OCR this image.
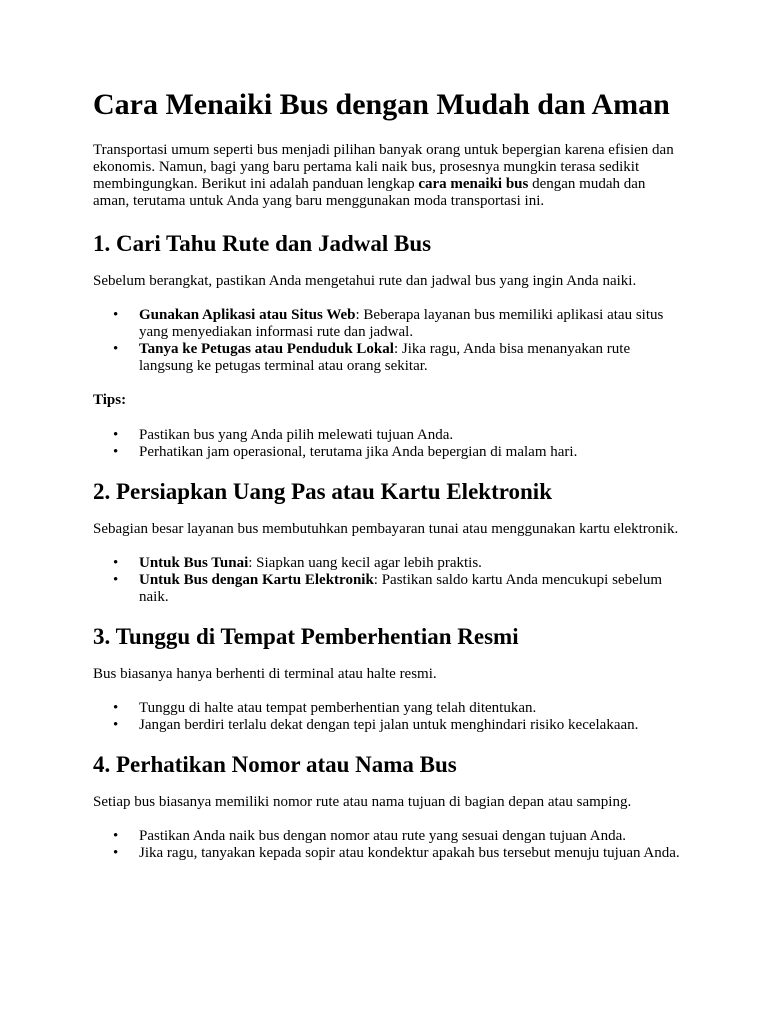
Cara Menaiki Bus dengan Mudah dan Aman

Transportasi umum seperti bus menjadi pilihan banyak orang untuk bepergian karena efisien dan ekonomis. Namun, bagi yang baru pertama kali naik bus, prosesnya mungkin terasa sedikit membingungkan. Berikut ini adalah panduan lengkap cara menaiki bus dengan mudah dan aman, terutama untuk Anda yang baru menggunakan moda transportasi ini.

1. Cari Tahu Rute dan Jadwal Bus

Sebelum berangkat, pastikan Anda mengetahui rute dan jadwal bus yang ingin Anda naiki.

• Gunakan Aplikasi atau Situs Web: Beberapa layanan bus memiliki aplikasi atau situs yang menyediakan informasi rute dan jadwal.
• Tanya ke Petugas atau Penduduk Lokal: Jika ragu, Anda bisa menanyakan rute langsung ke petugas terminal atau orang sekitar.

Tips:

• Pastikan bus yang Anda pilih melewati tujuan Anda.
• Perhatikan jam operasional, terutama jika Anda bepergian di malam hari.
2. Persiapkan Uang Pas atau Kartu Elektronik

Sebagian besar layanan bus membutuhkan pembayaran tunai atau menggunakan kartu elektronik.

• Untuk Bus Tunai: Siapkan uang kecil agar lebih praktis.
• Untuk Bus dengan Kartu Elektronik: Pastikan saldo kartu Anda mencukupi sebelum naik.
3. Tunggu di Tempat Pemberhentian Resmi

Bus biasanya hanya berhenti di terminal atau halte resmi.

• Tunggu di halte atau tempat pemberhentian yang telah ditentukan.
• Jangan berdiri terlalu dekat dengan tepi jalan untuk menghindari risiko kecelakaan.
4. Perhatikan Nomor atau Nama Bus

Setiap bus biasanya memiliki nomor rute atau nama tujuan di bagian depan atau samping.

• Pastikan Anda naik bus dengan nomor atau rute yang sesuai dengan tujuan Anda.
• Jika ragu, tanyakan kepada sopir atau kondektur apakah bus tersebut menuju tujuan Anda.
